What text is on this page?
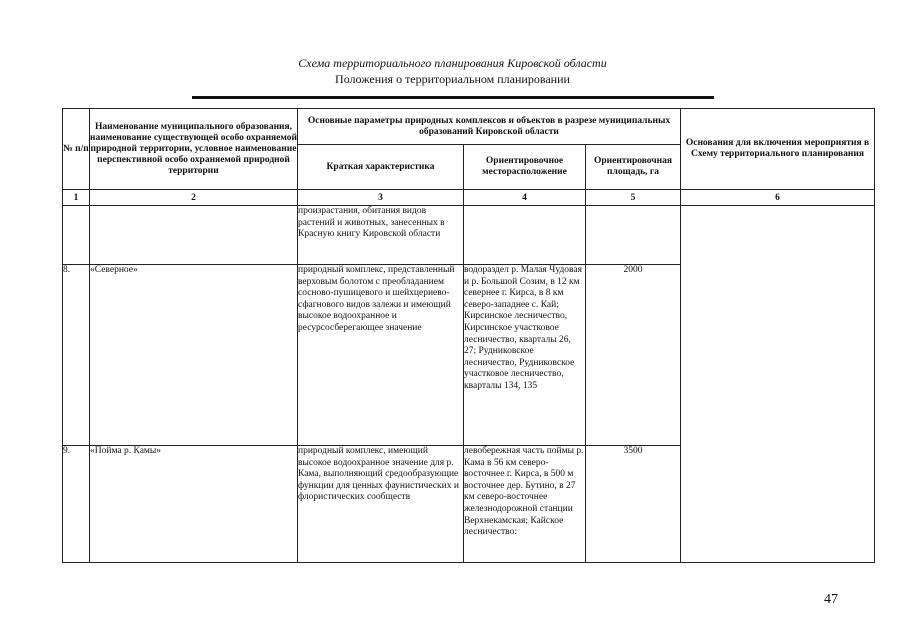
Схема территориального планирования Кировской области
Положения о территориальном планировании
№ п/п	Наименование муниципального образования, наименование существующей особо охраняемой природной территории, условное наименование перспективной особо охраняемой природной территории	Основные параметры природных комплексов и объектов в разрезе муниципальных образований Кировской области			Основания для включения мероприятия в Схему территориального планирования
		Краткая характеристика	Ориентировочное месторасположение	Ориентировочная площадь, га	
1	2	3	4	5	6
		произрастания, обитания видов растений и животных, занесенных в Красную книгу Кировской области			
8.	«Северное»	природный комплекс, представленный верховым болотом с преобладанием сосново-пушицевого и шейхцериево-сфагнового видов залежи и имеющий высокое водоохранное и ресурсосберегающее значение	водораздел р. Малая Чудовая и р. Большой Созим, в 12 км севернее г. Кирса, в 8 км северо-западнее с. Кай; Кирсинское лесничество, Кирсинское участковое лесничество, кварталы 26, 27; Рудниковское лесничество, Рудниковское участковое лесничество, кварталы 134, 135	2000	
9.	«Пойма р. Камы»	природный комплекс, имеющий высокое водоохранное значение для р. Кама, выполняющий средообразующие функции для ценных фаунистических и флористических сообществ	левобережная часть поймы р. Кама в 56 км северо-восточнее г. Кирса, в 500 м восточнее дер. Бутино, в 27 км северо-восточнее железнодорожной станции Верхнекамская; Кайское лесничество:	3500	
47
